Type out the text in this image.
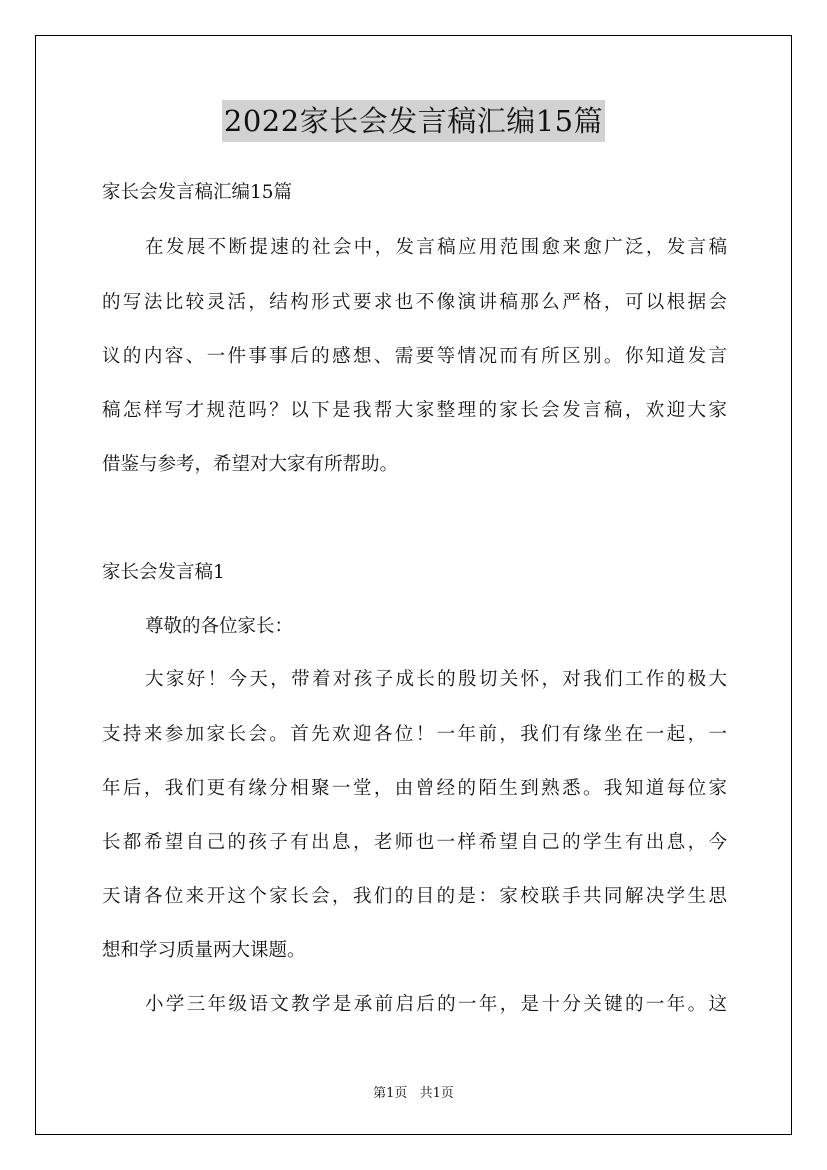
2022家长会发言稿汇编15篇
家长会发言稿汇编15篇
在发展不断提速的社会中，发言稿应用范围愈来愈广泛，发言稿
的写法比较灵活，结构形式要求也不像演讲稿那么严格，可以根据会
议的内容、一件事事后的感想、需要等情况而有所区别。你知道发言
稿怎样写才规范吗？以下是我帮大家整理的家长会发言稿，欢迎大家
借鉴与参考，希望对大家有所帮助。
家长会发言稿1
尊敬的各位家长：
大家好！今天，带着对孩子成长的殷切关怀，对我们工作的极大
支持来参加家长会。首先欢迎各位！一年前，我们有缘坐在一起，一
年后，我们更有缘分相聚一堂，由曾经的陌生到熟悉。我知道每位家
长都希望自己的孩子有出息，老师也一样希望自己的学生有出息，今
天请各位来开这个家长会，我们的目的是：家校联手共同解决学生思
想和学习质量两大课题。
小学三年级语文教学是承前启后的一年，是十分关键的一年。这
第1页 共1页
